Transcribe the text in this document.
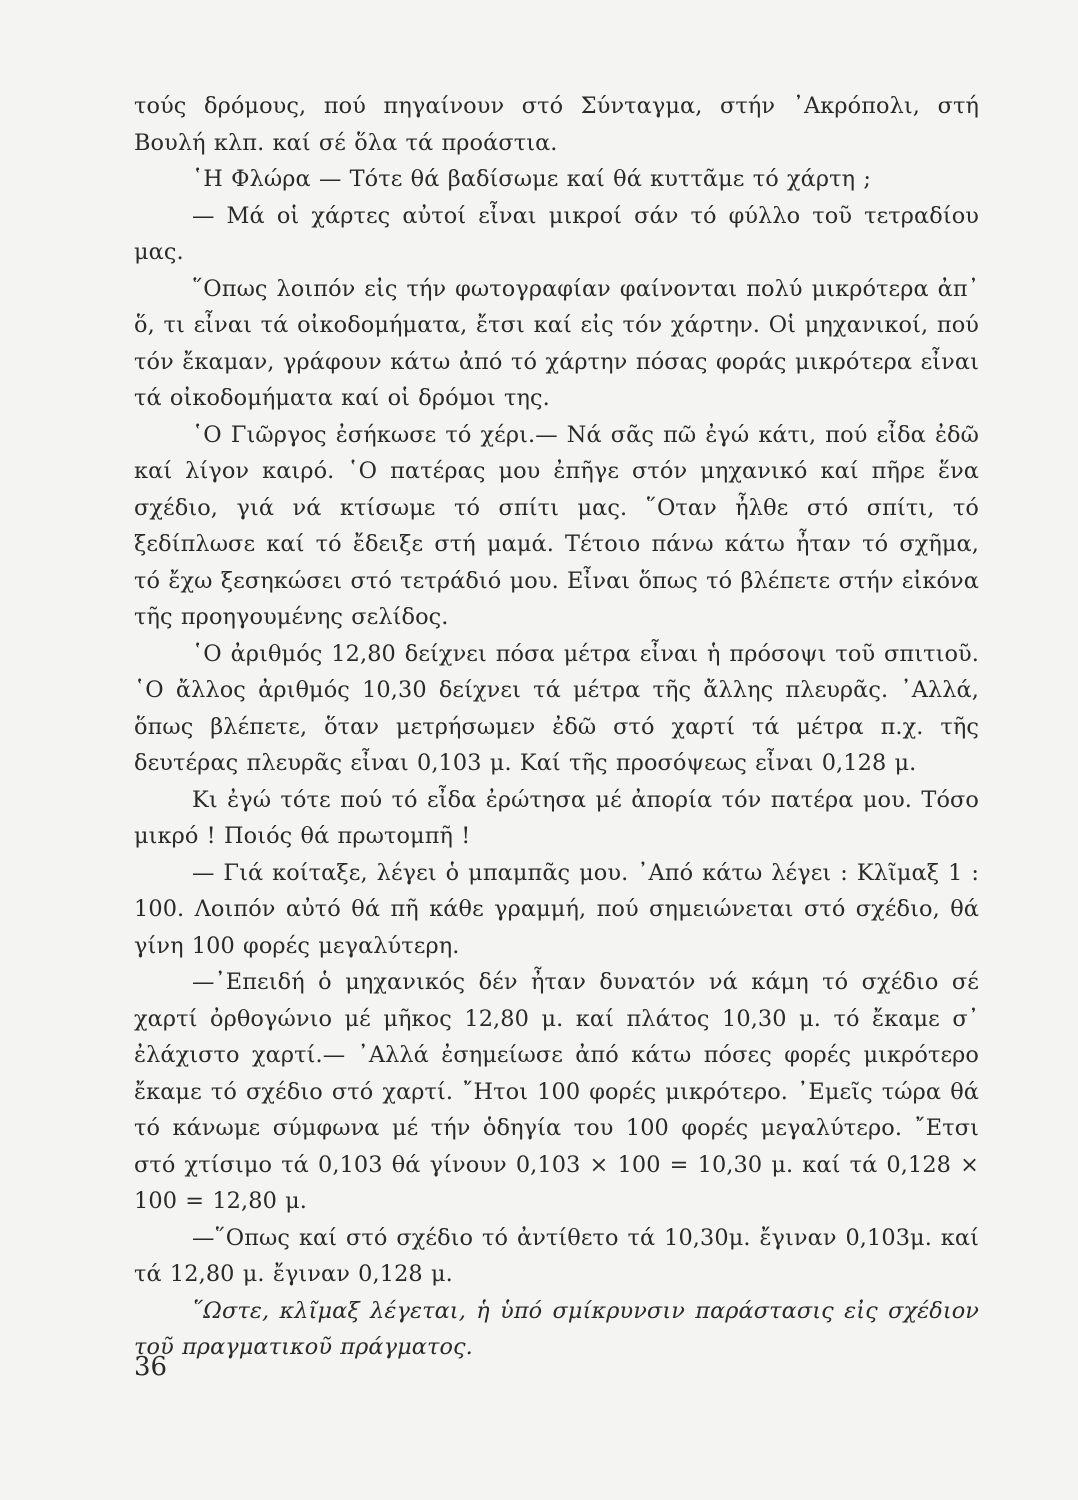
τούς δρόμους, πού πηγαίνουν στό Σύνταγμα, στήν ᾿Ακρόπολι, στή Βουλή κλπ. καί σέ ὅλα τά προάστια.

῾Η Φλώρα — Τότε θά βαδίσωμε καί θά κυττᾶμε τό χάρτη ;

— Μά οἱ χάρτες αὐτοί εἶναι μικροί σάν τό φύλλο τοῦ τετραδίου μας.

῞Οπως λοιπόν εἰς τήν φωτογραφίαν φαίνονται πολύ μικρότερα ἀπ᾿ ὅ, τι εἶναι τά οἰκοδομήματα, ἔτσι καί εἰς τόν χάρτην. Οἱ μηχανικοί, πού τόν ἔκαμαν, γράφουν κάτω ἀπό τό χάρτην πόσας φοράς μικρότερα εἶναι τά οἰκοδομήματα καί οἱ δρόμοι της.

῾Ο Γιῶργος ἐσήκωσε τό χέρι.— Νά σᾶς πῶ ἐγώ κάτι, πού εἶδα ἐδῶ καί λίγον καιρό. ῾Ο πατέρας μου ἐπῆγε στόν μηχανικό καί πῆρε ἕνα σχέδιο, γιά νά κτίσωμε τό σπίτι μας. ῞Οταν ἦλθε στό σπίτι, τό ξεδίπλωσε καί τό ἔδειξε στή μαμά. Τέτοιο πάνω κάτω ἦταν τό σχῆμα, τό ἔχω ξεσηκώσει στό τετράδιό μου. Εἶναι ὅπως τό βλέπετε στήν εἰκόνα τῆς προηγουμένης σελίδος.

῾Ο ἀριθμός 12,80 δείχνει πόσα μέτρα εἶναι ἡ πρόσοψι τοῦ σπιτιοῦ. ῾Ο ἄλλος ἀριθμός 10,30 δείχνει τά μέτρα τῆς ἄλλης πλευρᾶς. ᾿Αλλά, ὅπως βλέπετε, ὅταν μετρήσωμεν ἐδῶ στό χαρτί τά μέτρα π.χ. τῆς δευτέρας πλευρᾶς εἶναι 0,103 μ. Καί τῆς προσόψεως εἶναι 0,128 μ.

Κι ἐγώ τότε πού τό εἶδα ἐρώτησα μέ ἀπορία τόν πατέρα μου. Τόσο μικρό ! Ποιός θά πρωτομπῆ !

— Γιά κοίταξε, λέγει ὁ μπαμπᾶς μου. ᾿Από κάτω λέγει : Κλῖμαξ 1 : 100. Λοιπόν αὐτό θά πῆ κάθε γραμμή, πού σημειώνεται στό σχέδιο, θά γίνη 100 φορές μεγαλύτερη.

—᾿Επειδή ὁ μηχανικός δέν ἦταν δυνατόν νά κάμη τό σχέδιο σέ χαρτί ὀρθογώνιο μέ μῆκος 12,80 μ. καί πλάτος 10,30 μ. τό ἔκαμε σ᾿ ἐλάχιστο χαρτί.— ᾿Αλλά ἐσημείωσε ἀπό κάτω πόσες φορές μικρότερο ἔκαμε τό σχέδιο στό χαρτί. ῎Ητοι 100 φορές μικρότερο. ᾿Εμεῖς τώρα θά τό κάνωμε σύμφωνα μέ τήν ὁδηγία του 100 φορές μεγαλύτερο. ῎Ετσι στό χτίσιμο τά 0,103 θά γίνουν 0,103 × 100 = 10,30 μ. καί τά 0,128 × 100 = 12,80 μ.

—῞Οπως καί στό σχέδιο τό ἀντίθετο τά 10,30μ. ἔγιναν 0,103μ. καί τά 12,80 μ. ἔγιναν 0,128 μ.

῞Ωστε, κλῖμαξ λέγεται, ἡ ὑπό σμίκρυνσιν παράστασις εἰς σχέδιον τοῦ πραγματικοῦ πράγματος.

36
